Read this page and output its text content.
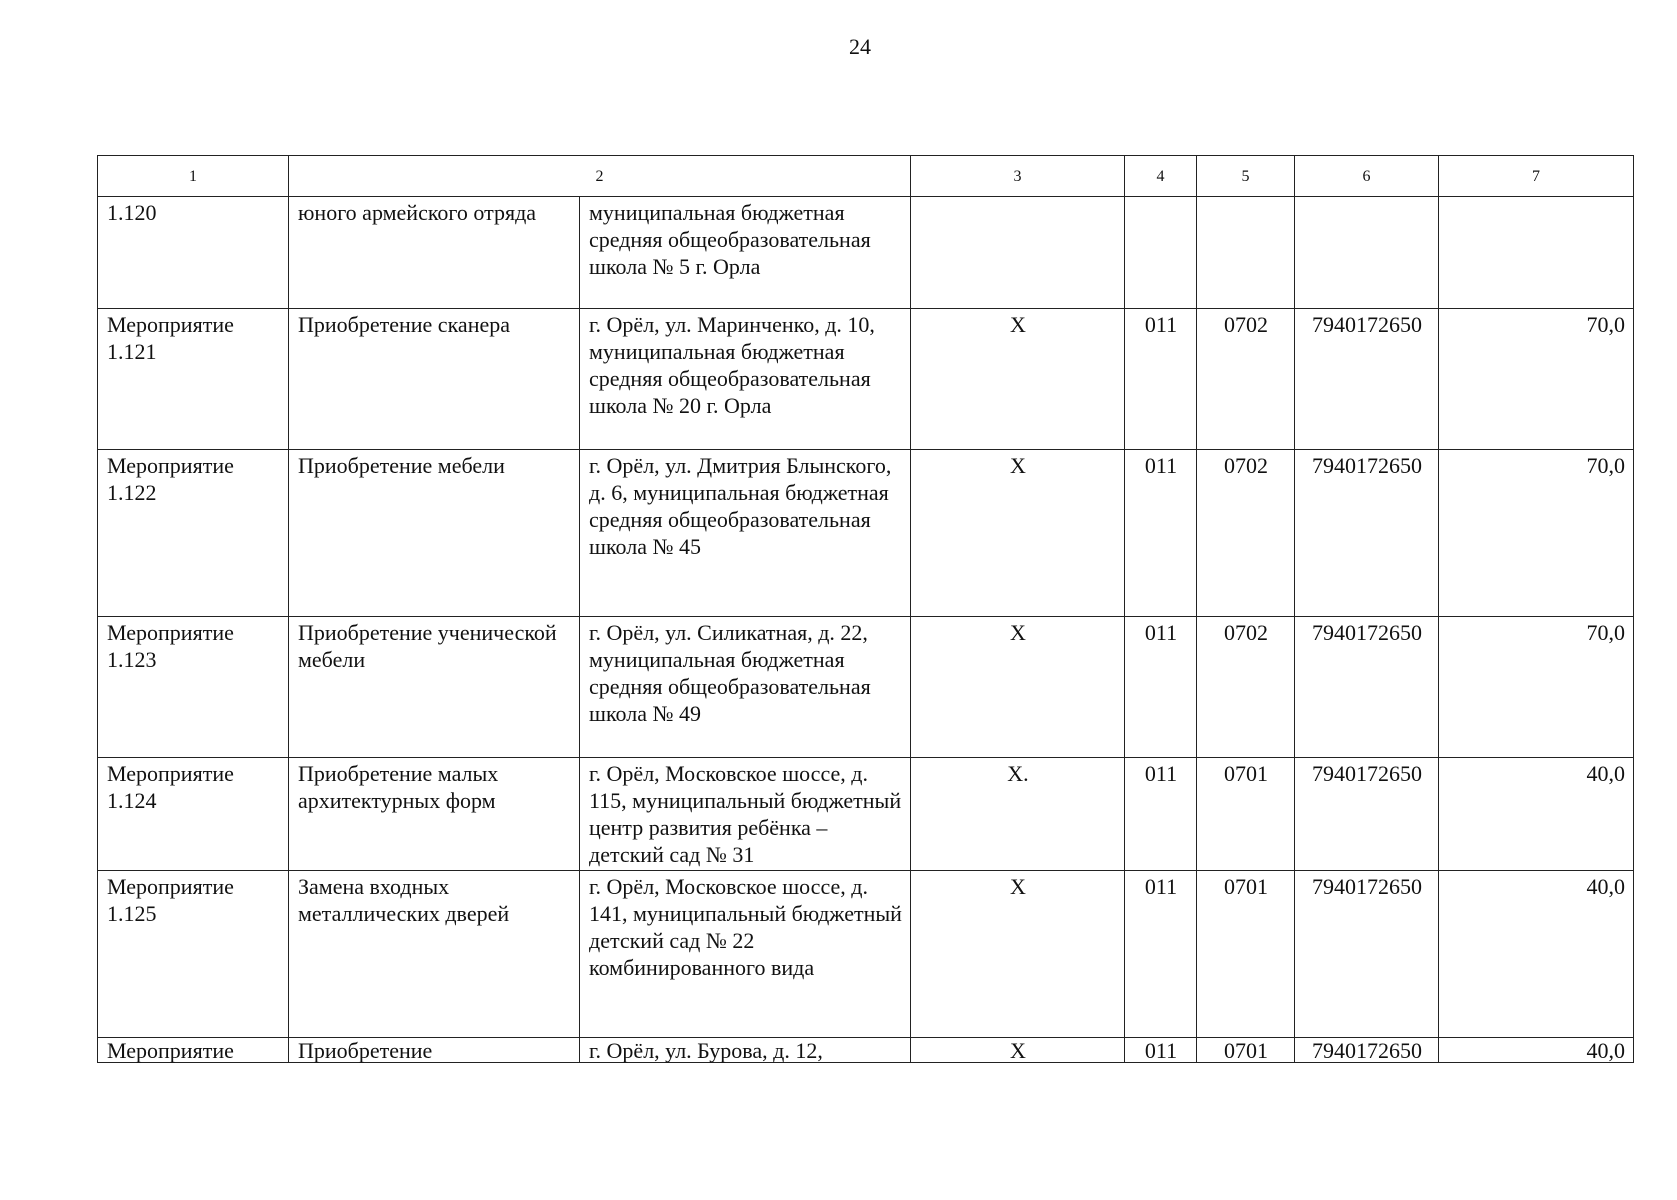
24
1	2		3	4	5	6	7
1.120	юного армейского отряда	муниципальная бюджетная средняя общеобразовательная школа № 5 г. Орла					
Мероприятие 1.121	Приобретение сканера	г. Орёл, ул. Маринченко, д. 10, муниципальная бюджетная средняя общеобразовательная школа № 20 г. Орла	Х	011	0702	7940172650	70,0
Мероприятие 1.122	Приобретение мебели	г. Орёл, ул. Дмитрия Блынского, д. 6, муниципальная бюджетная средняя общеобразовательная школа № 45	Х	011	0702	7940172650	70,0
Мероприятие 1.123	Приобретение ученической мебели	г. Орёл, ул. Силикатная, д. 22, муниципальная бюджетная средняя общеобразовательная школа № 49	Х	011	0702	7940172650	70,0
Мероприятие 1.124	Приобретение малых архитектурных форм	г. Орёл, Московское шоссе, д. 115, муниципальный бюджетный центр развития ребёнка – детский сад № 31	Х.	011	0701	7940172650	40,0
Мероприятие 1.125	Замена входных металлических дверей	г. Орёл, Московское шоссе, д. 141, муниципальный бюджетный детский сад № 22 комбинированного вида	Х	011	0701	7940172650	40,0
Мероприятие	Приобретение	г. Орёл, ул. Бурова, д. 12,	Х	011	0701	7940172650	40,0
